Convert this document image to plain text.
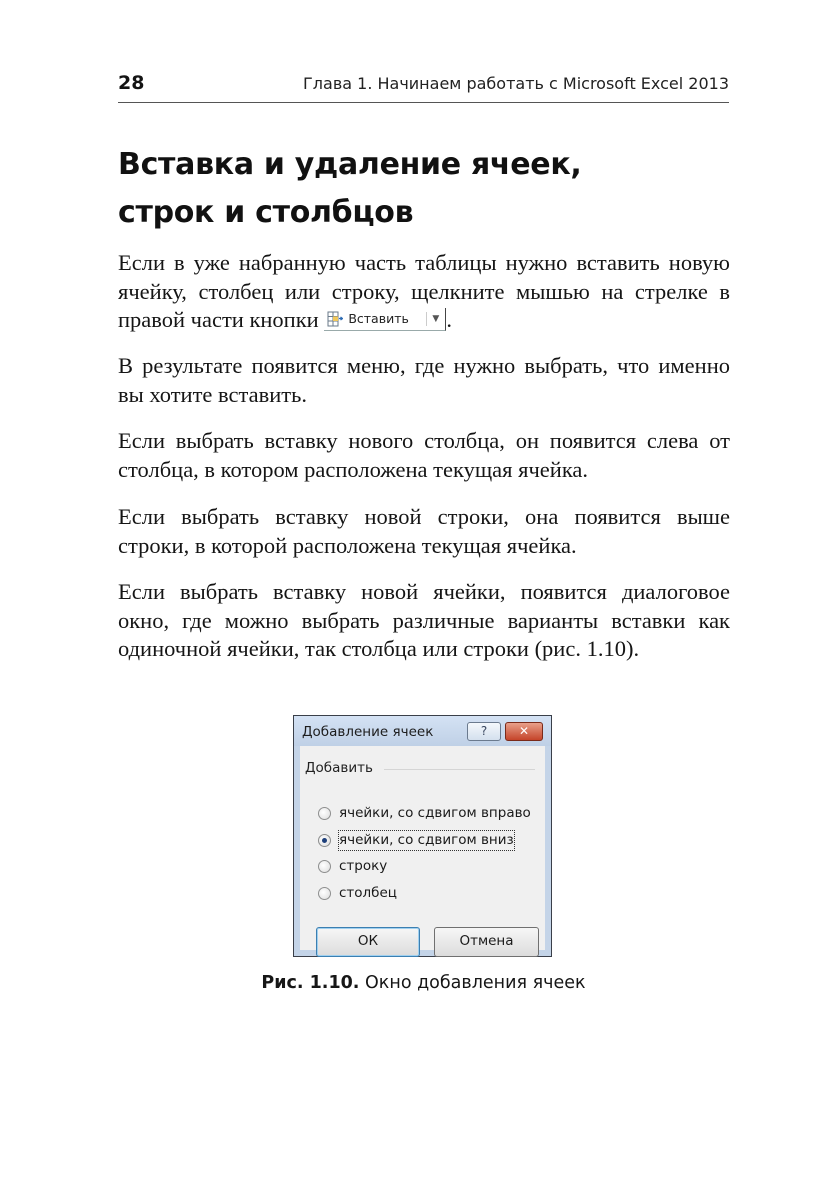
28	Глава 1. Начинаем работать с Microsoft Excel 2013
Вставка и удаление ячеек,
строк и столбцов

Если в уже набранную часть таблицы нужно вставить новую ячейку, столбец или строку, щелкните мышью на стрелке в правой части кнопки Вставить	▼ .

В результате появится меню, где нужно выбрать, что именно вы хотите вставить.

Если выбрать вставку нового столбца, он появится слева от столбца, в котором расположена текущая ячейка.

Если выбрать вставку новой строки, она появится выше строки, в которой расположена текущая ячейка.

Если выбрать вставку новой ячейки, появится диалоговое окно, где можно выбрать различные варианты вставки как одиночной ячейки, так столбца или строки (рис. 1.10).

Добавление ячеек	?	✕
Добавить
ячейки, со сдвигом вправо
ячейки, со сдвигом вниз
строку
столбец
ОК	Отмена
Рис. 1.10. Окно добавления ячеек
